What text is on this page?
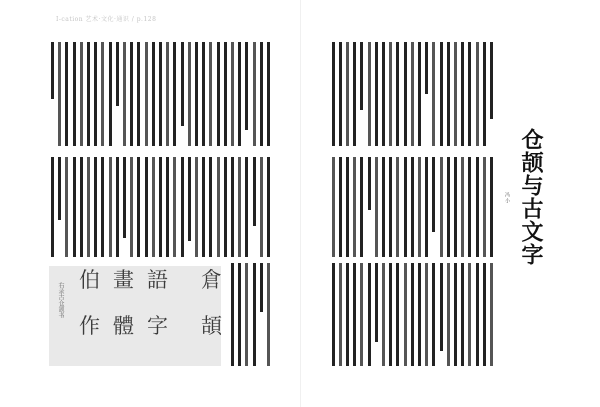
Ⅰ-cation 艺术·文化·通识 / p.128
倉
頡
語
字
畫
體
伯
作
右录古仓颉书
仓颉与古文字
冯小
